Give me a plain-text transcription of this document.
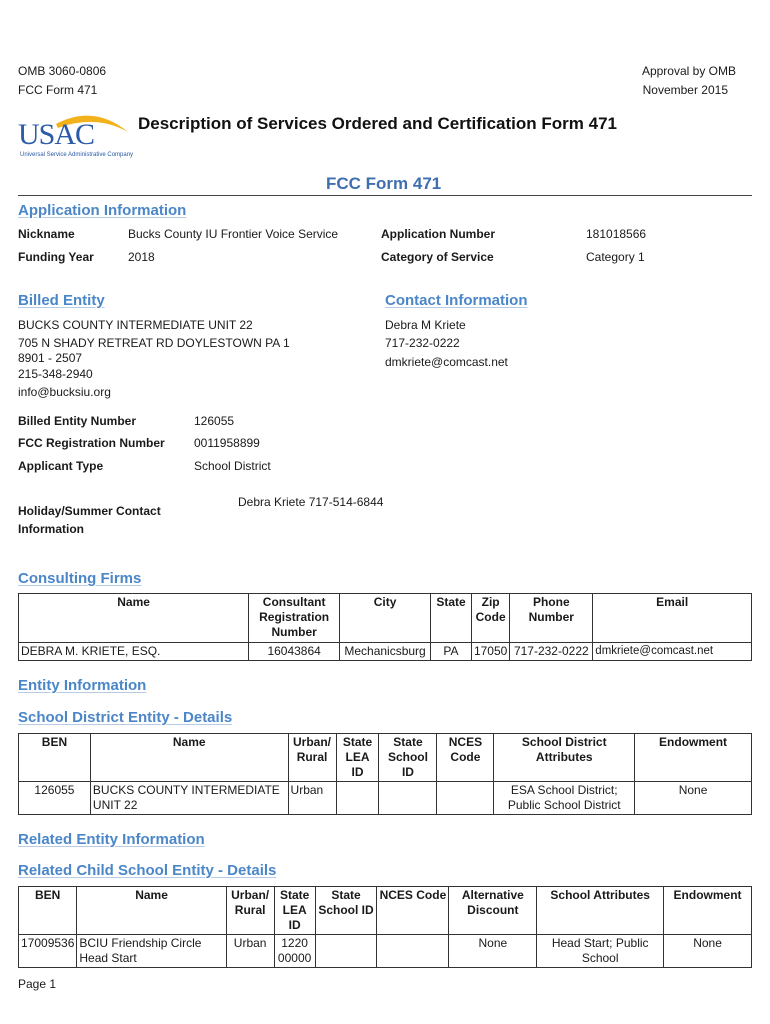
OMB 3060-0806
FCC Form 471
Approval by OMB
November 2015
USAC
Universal Service Administrative Company
Description of Services Ordered and Certification Form 471
FCC Form 471
Application Information
Nickname	Bucks County IU Frontier Voice Service	Application Number	181018566
Funding Year	2018	Category of Service	Category 1
Billed Entity
BUCKS COUNTY INTERMEDIATE UNIT 22
705 N SHADY RETREAT RD DOYLESTOWN PA 1
8901 - 2507
215-348-2940
info@bucksiu.org
Contact Information
Debra M Kriete
717-232-0222
dmkriete@comcast.net
Billed Entity Number	126055
FCC Registration Number 0011958899
Applicant Type	School District
Holiday/Summer Contact
Information
Debra Kriete 717-514-6844
Consulting Firms
Name	Consultant Registration Number	City	State	Zip Code	Phone Number	Email
DEBRA M. KRIETE, ESQ.	16043864	Mechanicsburg	PA	17050	717-232-0222	dmkriete@comcast.net
Entity Information
School District Entity - Details
BEN	Name	Urban/ Rural	State LEA ID	State School ID	NCES Code	School District Attributes	Endowment
126055	BUCKS COUNTY INTERMEDIATE UNIT 22	Urban				ESA School District; Public School District	None
Related Entity Information
Related Child School Entity - Details
BEN	Name	Urban/ Rural	State LEA ID	State School ID	NCES Code	Alternative Discount	School Attributes	Endowment
17009536	BCIU Friendship Circle Head Start	Urban	1220 00000			None	Head Start; Public School	None
Page 1
